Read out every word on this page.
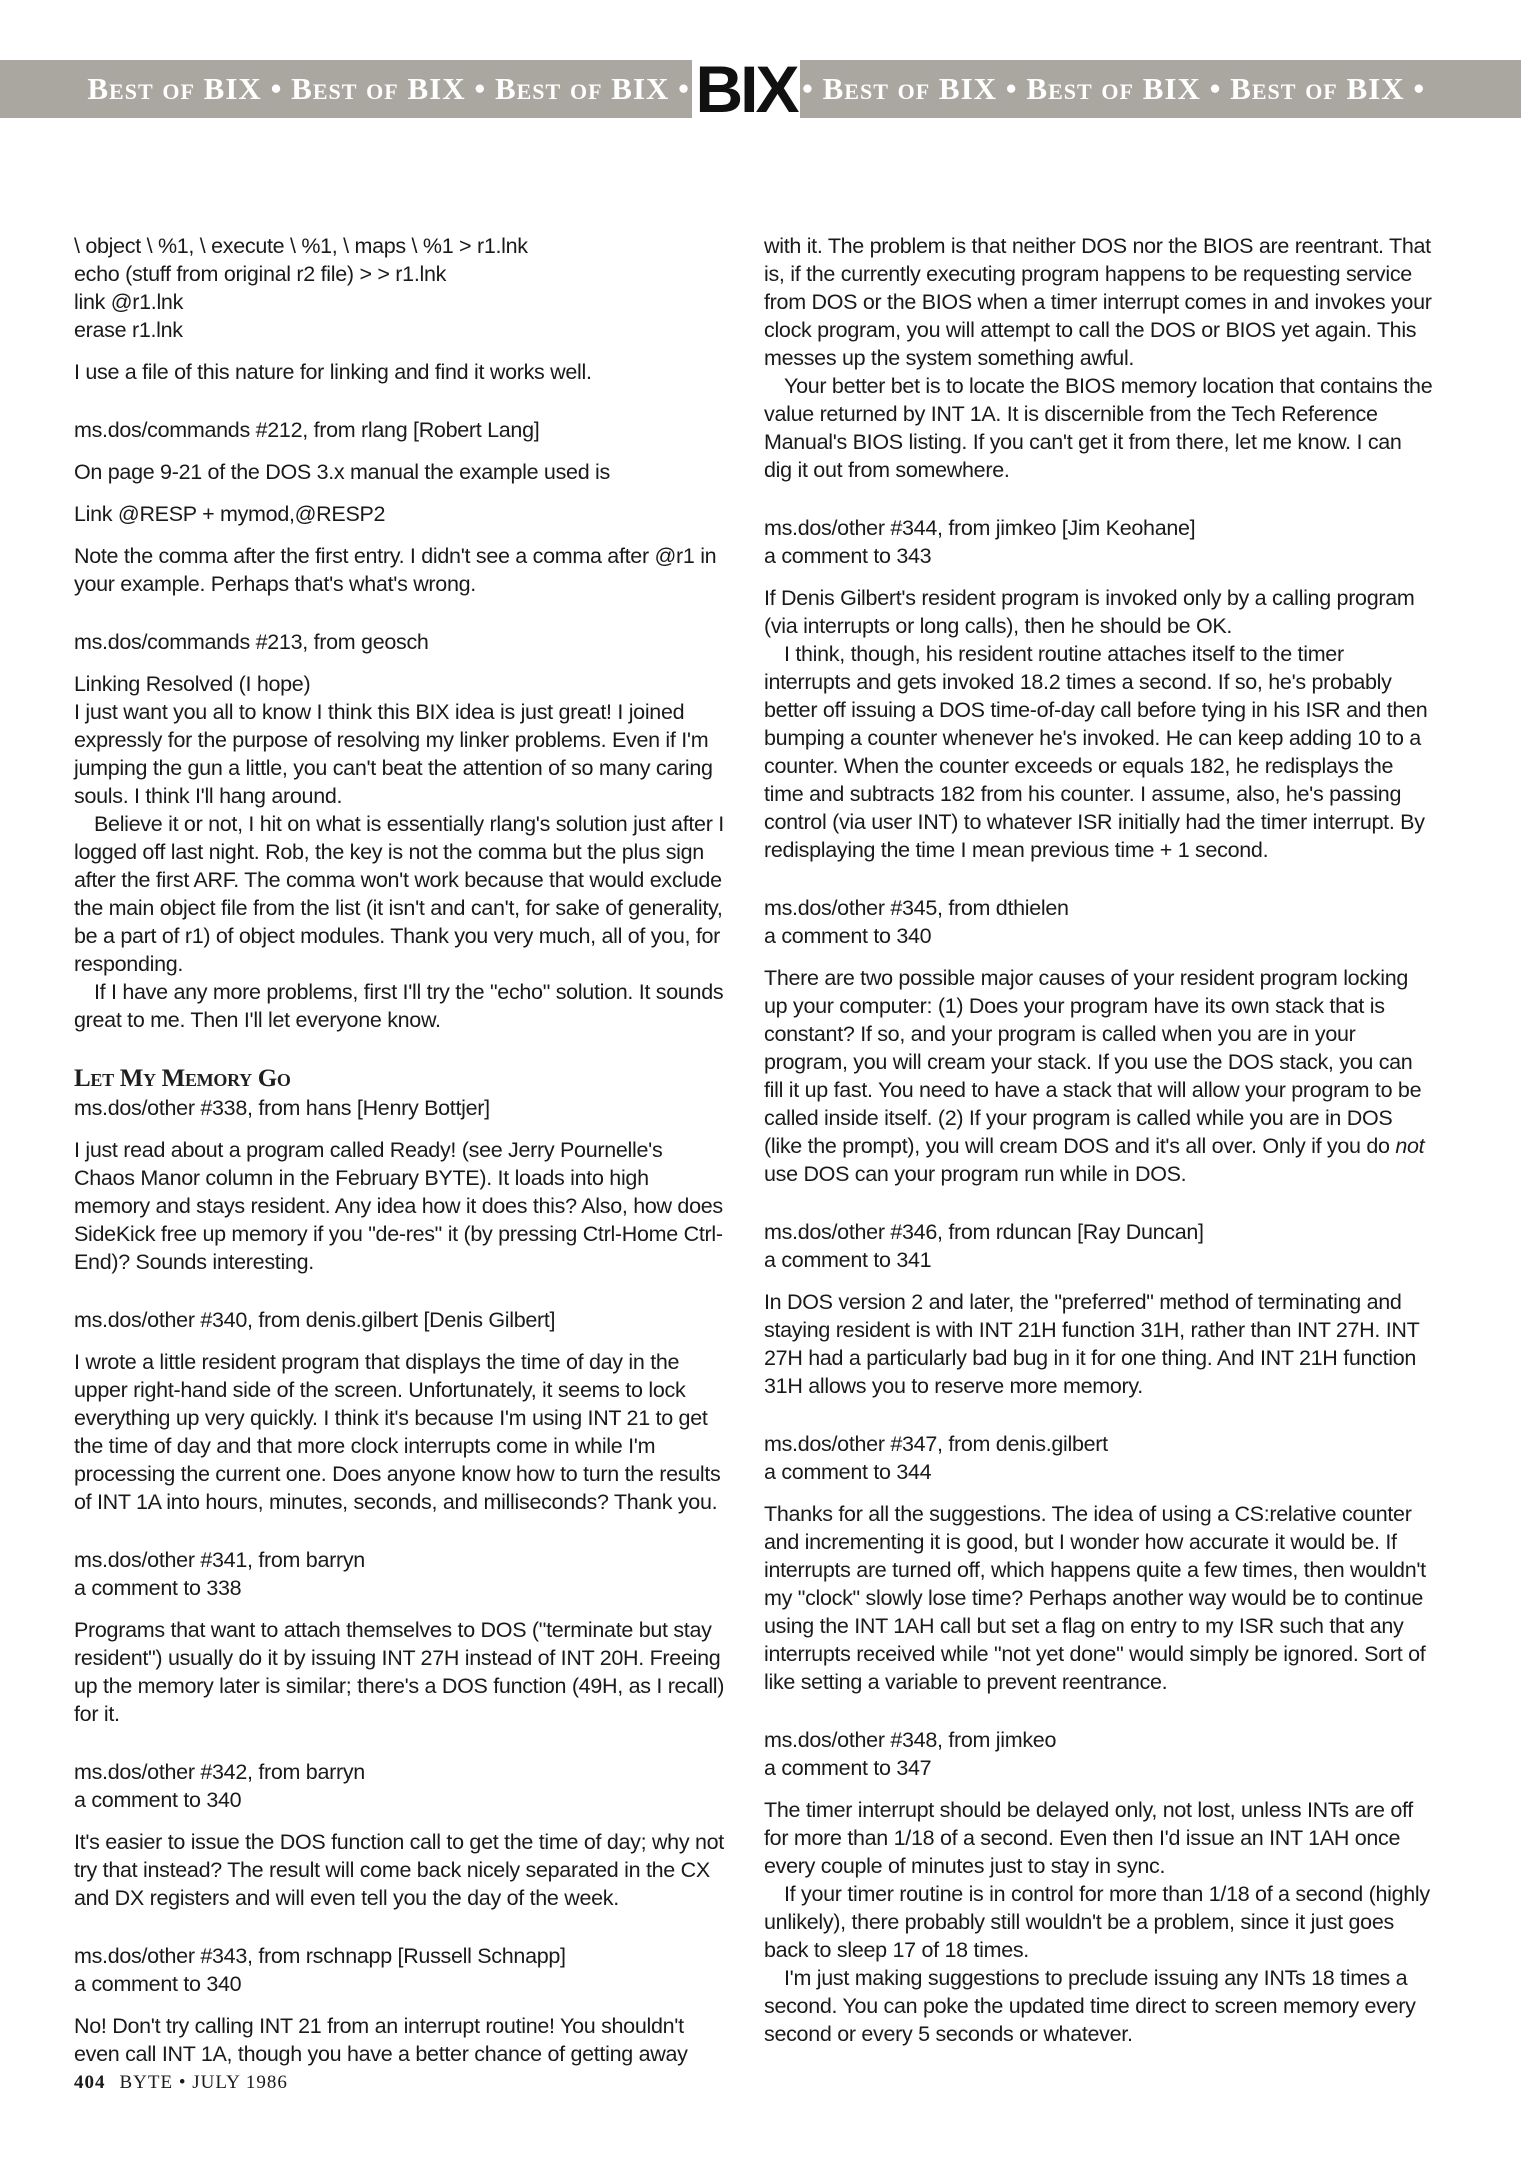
Best of BIX • Best of BIX • Best of BIX • BIX • Best of BIX • Best of BIX • Best of BIX •
\ object \ %1, \ execute \ %1, \ maps \ %1 > r1.lnk
echo (stuff from original r2 file) > > r1.lnk
link @r1.lnk
erase r1.lnk

I use a file of this nature for linking and find it works well.

ms.dos/commands #212, from rlang [Robert Lang]

On page 9-21 of the DOS 3.x manual the example used is

Link @RESP + mymod,@RESP2

Note the comma after the first entry. I didn't see a comma after @r1 in your example. Perhaps that's what's wrong.

ms.dos/commands #213, from geosch

Linking Resolved (I hope)

I just want you all to know I think this BIX idea is just great! I joined expressly for the purpose of resolving my linker problems. Even if I'm jumping the gun a little, you can't beat the attention of so many caring souls. I think I'll hang around.

Believe it or not, I hit on what is essentially rlang's solution just after I logged off last night. Rob, the key is not the comma but the plus sign after the first ARF. The comma won't work because that would exclude the main object file from the list (it isn't and can't, for sake of generality, be a part of r1) of object modules. Thank you very much, all of you, for responding.

If I have any more problems, first I'll try the "echo" solution. It sounds great to me. Then I'll let everyone know.

Let My Memory Go
ms.dos/other #338, from hans [Henry Bottjer]

I just read about a program called Ready! (see Jerry Pournelle's Chaos Manor column in the February BYTE). It loads into high memory and stays resident. Any idea how it does this? Also, how does SideKick free up memory if you "de-res" it (by pressing Ctrl-Home Ctrl-End)? Sounds interesting.

ms.dos/other #340, from denis.gilbert [Denis Gilbert]

I wrote a little resident program that displays the time of day in the upper right-hand side of the screen. Unfortunately, it seems to lock everything up very quickly. I think it's because I'm using INT 21 to get the time of day and that more clock interrupts come in while I'm processing the current one. Does anyone know how to turn the results of INT 1A into hours, minutes, seconds, and milliseconds? Thank you.

ms.dos/other #341, from barryn
a comment to 338

Programs that want to attach themselves to DOS ("terminate but stay resident") usually do it by issuing INT 27H instead of INT 20H. Freeing up the memory later is similar; there's a DOS function (49H, as I recall) for it.

ms.dos/other #342, from barryn
a comment to 340

It's easier to issue the DOS function call to get the time of day; why not try that instead? The result will come back nicely separated in the CX and DX registers and will even tell you the day of the week.

ms.dos/other #343, from rschnapp [Russell Schnapp]
a comment to 340

No! Don't try calling INT 21 from an interrupt routine! You shouldn't even call INT 1A, though you have a better chance of getting away

with it. The problem is that neither DOS nor the BIOS are reentrant. That is, if the currently executing program happens to be requesting service from DOS or the BIOS when a timer interrupt comes in and invokes your clock program, you will attempt to call the DOS or BIOS yet again. This messes up the system something awful.

Your better bet is to locate the BIOS memory location that contains the value returned by INT 1A. It is discernible from the Tech Reference Manual's BIOS listing. If you can't get it from there, let me know. I can dig it out from somewhere.

ms.dos/other #344, from jimkeo [Jim Keohane]
a comment to 343

If Denis Gilbert's resident program is invoked only by a calling program (via interrupts or long calls), then he should be OK.

I think, though, his resident routine attaches itself to the timer interrupts and gets invoked 18.2 times a second. If so, he's probably better off issuing a DOS time-of-day call before tying in his ISR and then bumping a counter whenever he's invoked. He can keep adding 10 to a counter. When the counter exceeds or equals 182, he redisplays the time and subtracts 182 from his counter. I assume, also, he's passing control (via user INT) to whatever ISR initially had the timer interrupt. By redisplaying the time I mean previous time + 1 second.

ms.dos/other #345, from dthielen
a comment to 340

There are two possible major causes of your resident program locking up your computer: (1) Does your program have its own stack that is constant? If so, and your program is called when you are in your program, you will cream your stack. If you use the DOS stack, you can fill it up fast. You need to have a stack that will allow your program to be called inside itself. (2) If your program is called while you are in DOS (like the prompt), you will cream DOS and it's all over. Only if you do not use DOS can your program run while in DOS.

ms.dos/other #346, from rduncan [Ray Duncan]
a comment to 341

In DOS version 2 and later, the "preferred" method of terminating and staying resident is with INT 21H function 31H, rather than INT 27H. INT 27H had a particularly bad bug in it for one thing. And INT 21H function 31H allows you to reserve more memory.

ms.dos/other #347, from denis.gilbert
a comment to 344

Thanks for all the suggestions. The idea of using a CS:relative counter and incrementing it is good, but I wonder how accurate it would be. If interrupts are turned off, which happens quite a few times, then wouldn't my "clock" slowly lose time? Perhaps another way would be to continue using the INT 1AH call but set a flag on entry to my ISR such that any interrupts received while "not yet done" would simply be ignored. Sort of like setting a variable to prevent reentrance.

ms.dos/other #348, from jimkeo
a comment to 347

The timer interrupt should be delayed only, not lost, unless INTs are off for more than 1/18 of a second. Even then I'd issue an INT 1AH once every couple of minutes just to stay in sync.

If your timer routine is in control for more than 1/18 of a second (highly unlikely), there probably still wouldn't be a problem, since it just goes back to sleep 17 of 18 times.

I'm just making suggestions to preclude issuing any INTs 18 times a second. You can poke the updated time direct to screen memory every second or every 5 seconds or whatever.

404 BYTE • JULY 1986
